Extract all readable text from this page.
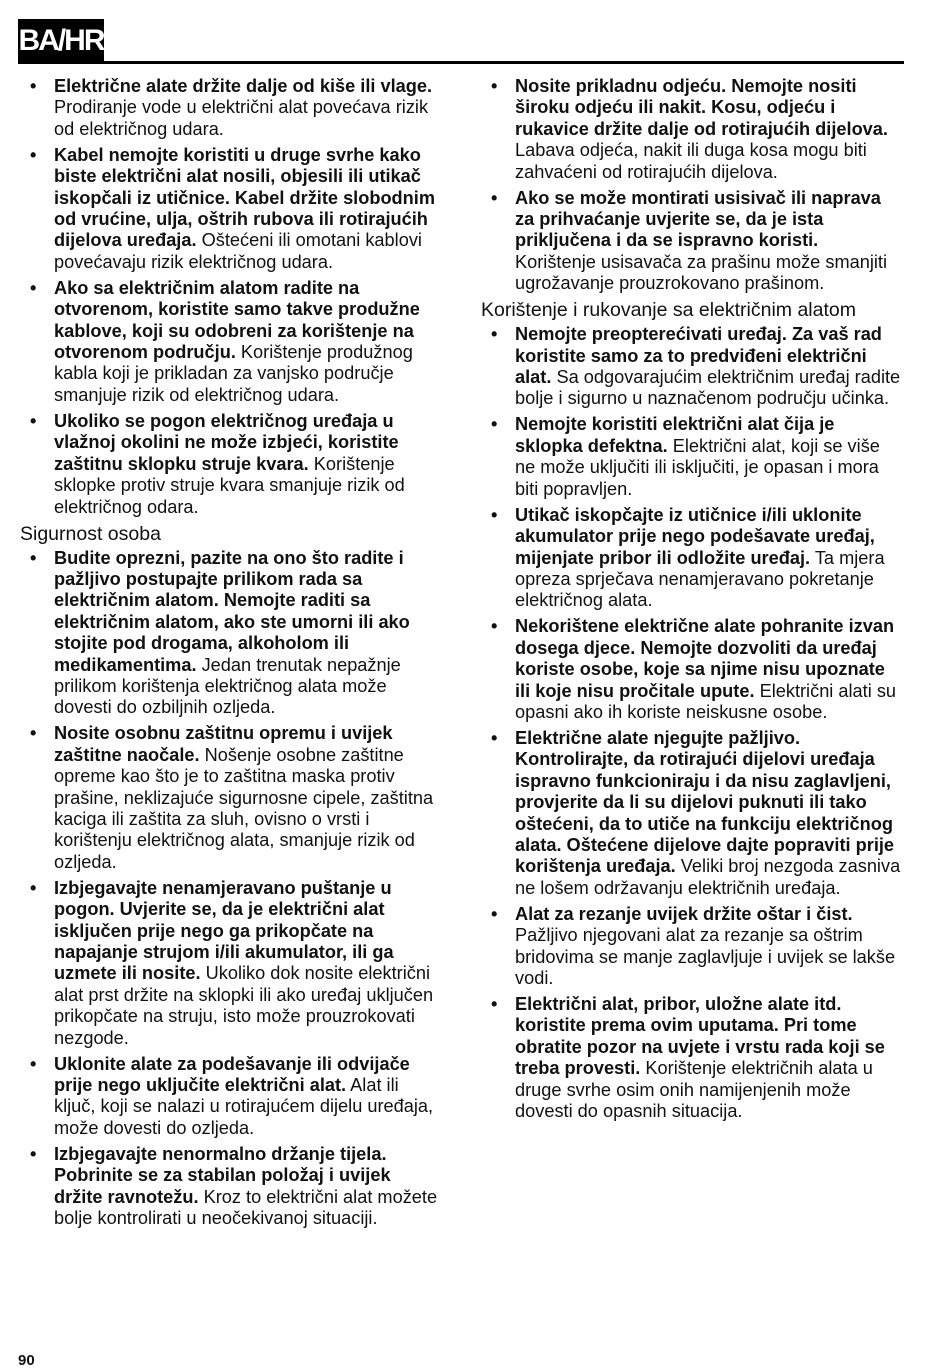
BA/HR
• Električne alate držite dalje od kiše ili vlage. Prodiranje vode u električni alat povećava rizik od električnog udara.
• Kabel nemojte koristiti u druge svrhe kako biste električni alat nosili, objesili ili utikač iskopčali iz utičnice. Kabel držite slobodnim od vrućine, ulja, oštrih rubova ili rotirajućih dijelova uređaja. Oštećeni ili omotani kablovi povećavaju rizik električnog udara.
• Ako sa električnim alatom radite na otvorenom, koristite samo takve produžne kablove, koji su odobreni za korištenje na otvorenom području. Korištenje produžnog kabla koji je prikladan za vanjsko područje smanjuje rizik od električnog udara.
• Ukoliko se pogon električnog uređaja u vlažnoj okolini ne može izbjeći, koristite zaštitnu sklopku struje kvara. Korištenje sklopke protiv struje kvara smanjuje rizik od električnog odara.
Sigurnost osoba
• Budite oprezni, pazite na ono što radite i pažljivo postupajte prilikom rada sa električnim alatom. Nemojte raditi sa električnim alatom, ako ste umorni ili ako stojite pod drogama, alkoholom ili medikamentima. Jedan trenutak nepažnje prilikom korištenja električnog alata može dovesti do ozbiljnih ozljeda.
• Nosite osobnu zaštitnu opremu i uvijek zaštitne naočale. Nošenje osobne zaštitne opreme kao što je to zaštitna maska protiv prašine, neklizajuće sigurnosne cipele, zaštitna kaciga ili zaštita za sluh, ovisno o vrsti i korištenju električnog alata, smanjuje rizik od ozljeda.
• Izbjegavajte nenamjeravano puštanje u pogon. Uvjerite se, da je električni alat isključen prije nego ga prikopčate na napajanje strujom i/ili akumulator, ili ga uzmete ili nosite. Ukoliko dok nosite električni alat prst držite na sklopki ili ako uređaj uključen prikopčate na struju, isto može prouzrokovati nezgode.
• Uklonite alate za podešavanje ili odvijače prije nego uključite električni alat. Alat ili ključ, koji se nalazi u rotirajućem dijelu uređaja, može dovesti do ozljeda.
• Izbjegavajte nenormalno držanje tijela. Pobrinite se za stabilan položaj i uvijek držite ravnotežu. Kroz to električni alat možete bolje kontrolirati u neočekivanoj situaciji.
• Nosite prikladnu odjeću. Nemojte nositi široku odjeću ili nakit. Kosu, odjeću i rukavice držite dalje od rotirajućih dijelova. Labava odjeća, nakit ili duga kosa mogu biti zahvaćeni od rotirajućih dijelova.
• Ako se može montirati usisivač ili naprava za prihvaćanje uvjerite se, da je ista priključena i da se ispravno koristi. Korištenje usisavača za prašinu može smanjiti ugrožavanje prouzrokovano prašinom.
Korištenje i rukovanje sa električnim alatom
• Nemojte preopterećivati uređaj. Za vaš rad koristite samo za to predviđeni električni alat. Sa odgovarajućim električnim uređaj radite bolje i sigurno u naznačenom području učinka.
• Nemojte koristiti električni alat čija je sklopka defektna. Električni alat, koji se više ne može uključiti ili isključiti, je opasan i mora biti popravljen.
• Utikač iskopčajte iz utičnice i/ili uklonite akumulator prije nego podešavate uređaj, mijenjate pribor ili odložite uređaj. Ta mjera opreza sprječava nenamjeravano pokretanje električnog alata.
• Nekorištene električne alate pohranite izvan dosega djece. Nemojte dozvoliti da uređaj koriste osobe, koje sa njime nisu upoznate ili koje nisu pročitale upute. Električni alati su opasni ako ih koriste neiskusne osobe.
• Električne alate njegujte pažljivo. Kontrolirajte, da rotirajući dijelovi uređaja ispravno funkcioniraju i da nisu zaglavljeni, provjerite da li su dijelovi puknuti ili tako oštećeni, da to utiče na funkciju električnog alata. Oštećene dijelove dajte popraviti prije korištenja uređaja. Veliki broj nezgoda zasniva ne lošem održavanju električnih uređaja.
• Alat za rezanje uvijek držite oštar i čist. Pažljivo njegovani alat za rezanje sa oštrim bridovima se manje zaglavljuje i uvijek se lakše vodi.
• Električni alat, pribor, uložne alate itd. koristite prema ovim uputama. Pri tome obratite pozor na uvjete i vrstu rada koji se treba provesti. Korištenje električnih alata u druge svrhe osim onih namijenjenih može dovesti do opasnih situacija.
90
